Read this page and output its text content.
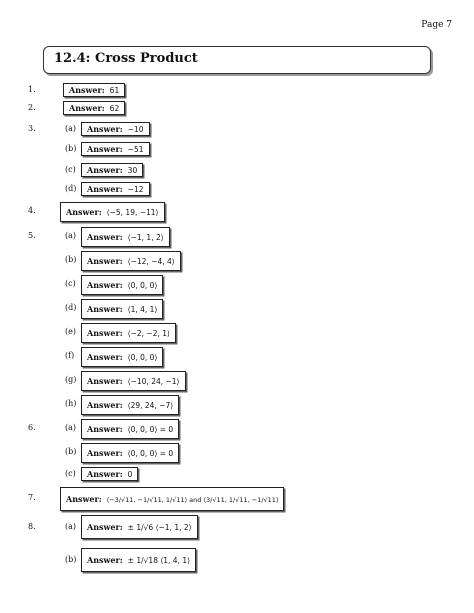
Page 7
12.4: Cross Product
1.	Answer: 61
2.	Answer: 62
3.	(a)	Answer: −10
(b)	Answer: −51
(c)	Answer: 30
(d)	Answer: −12
4.	Answer: ⟨−5, 19, −11⟩
5.	(a)	Answer: ⟨−1, 1, 2⟩
(b)	Answer: ⟨−12, −4, 4⟩
(c)	Answer: ⟨0, 0, 0⟩
(d)	Answer: ⟨1, 4, 1⟩
(e)	Answer: ⟨−2, −2, 1⟩
(f)	Answer: ⟨0, 0, 0⟩
(g)	Answer: ⟨−10, 24, −1⟩
(h)	Answer: ⟨29, 24, −7⟩
6.	(a)	Answer: ⟨0, 0, 0⟩ = 0
(b)	Answer: ⟨0, 0, 0⟩ = 0
(c)	Answer: 0
7.	Answer: ⟨−3/√11, −1/√11, 1/√11⟩ and ⟨3/√11, 1/√11, −1/√11⟩
8.	(a)	Answer: ± 1/√6 ⟨−1, 1, 2⟩
(b)	Answer: ± 1/√18 ⟨1, 4, 1⟩
